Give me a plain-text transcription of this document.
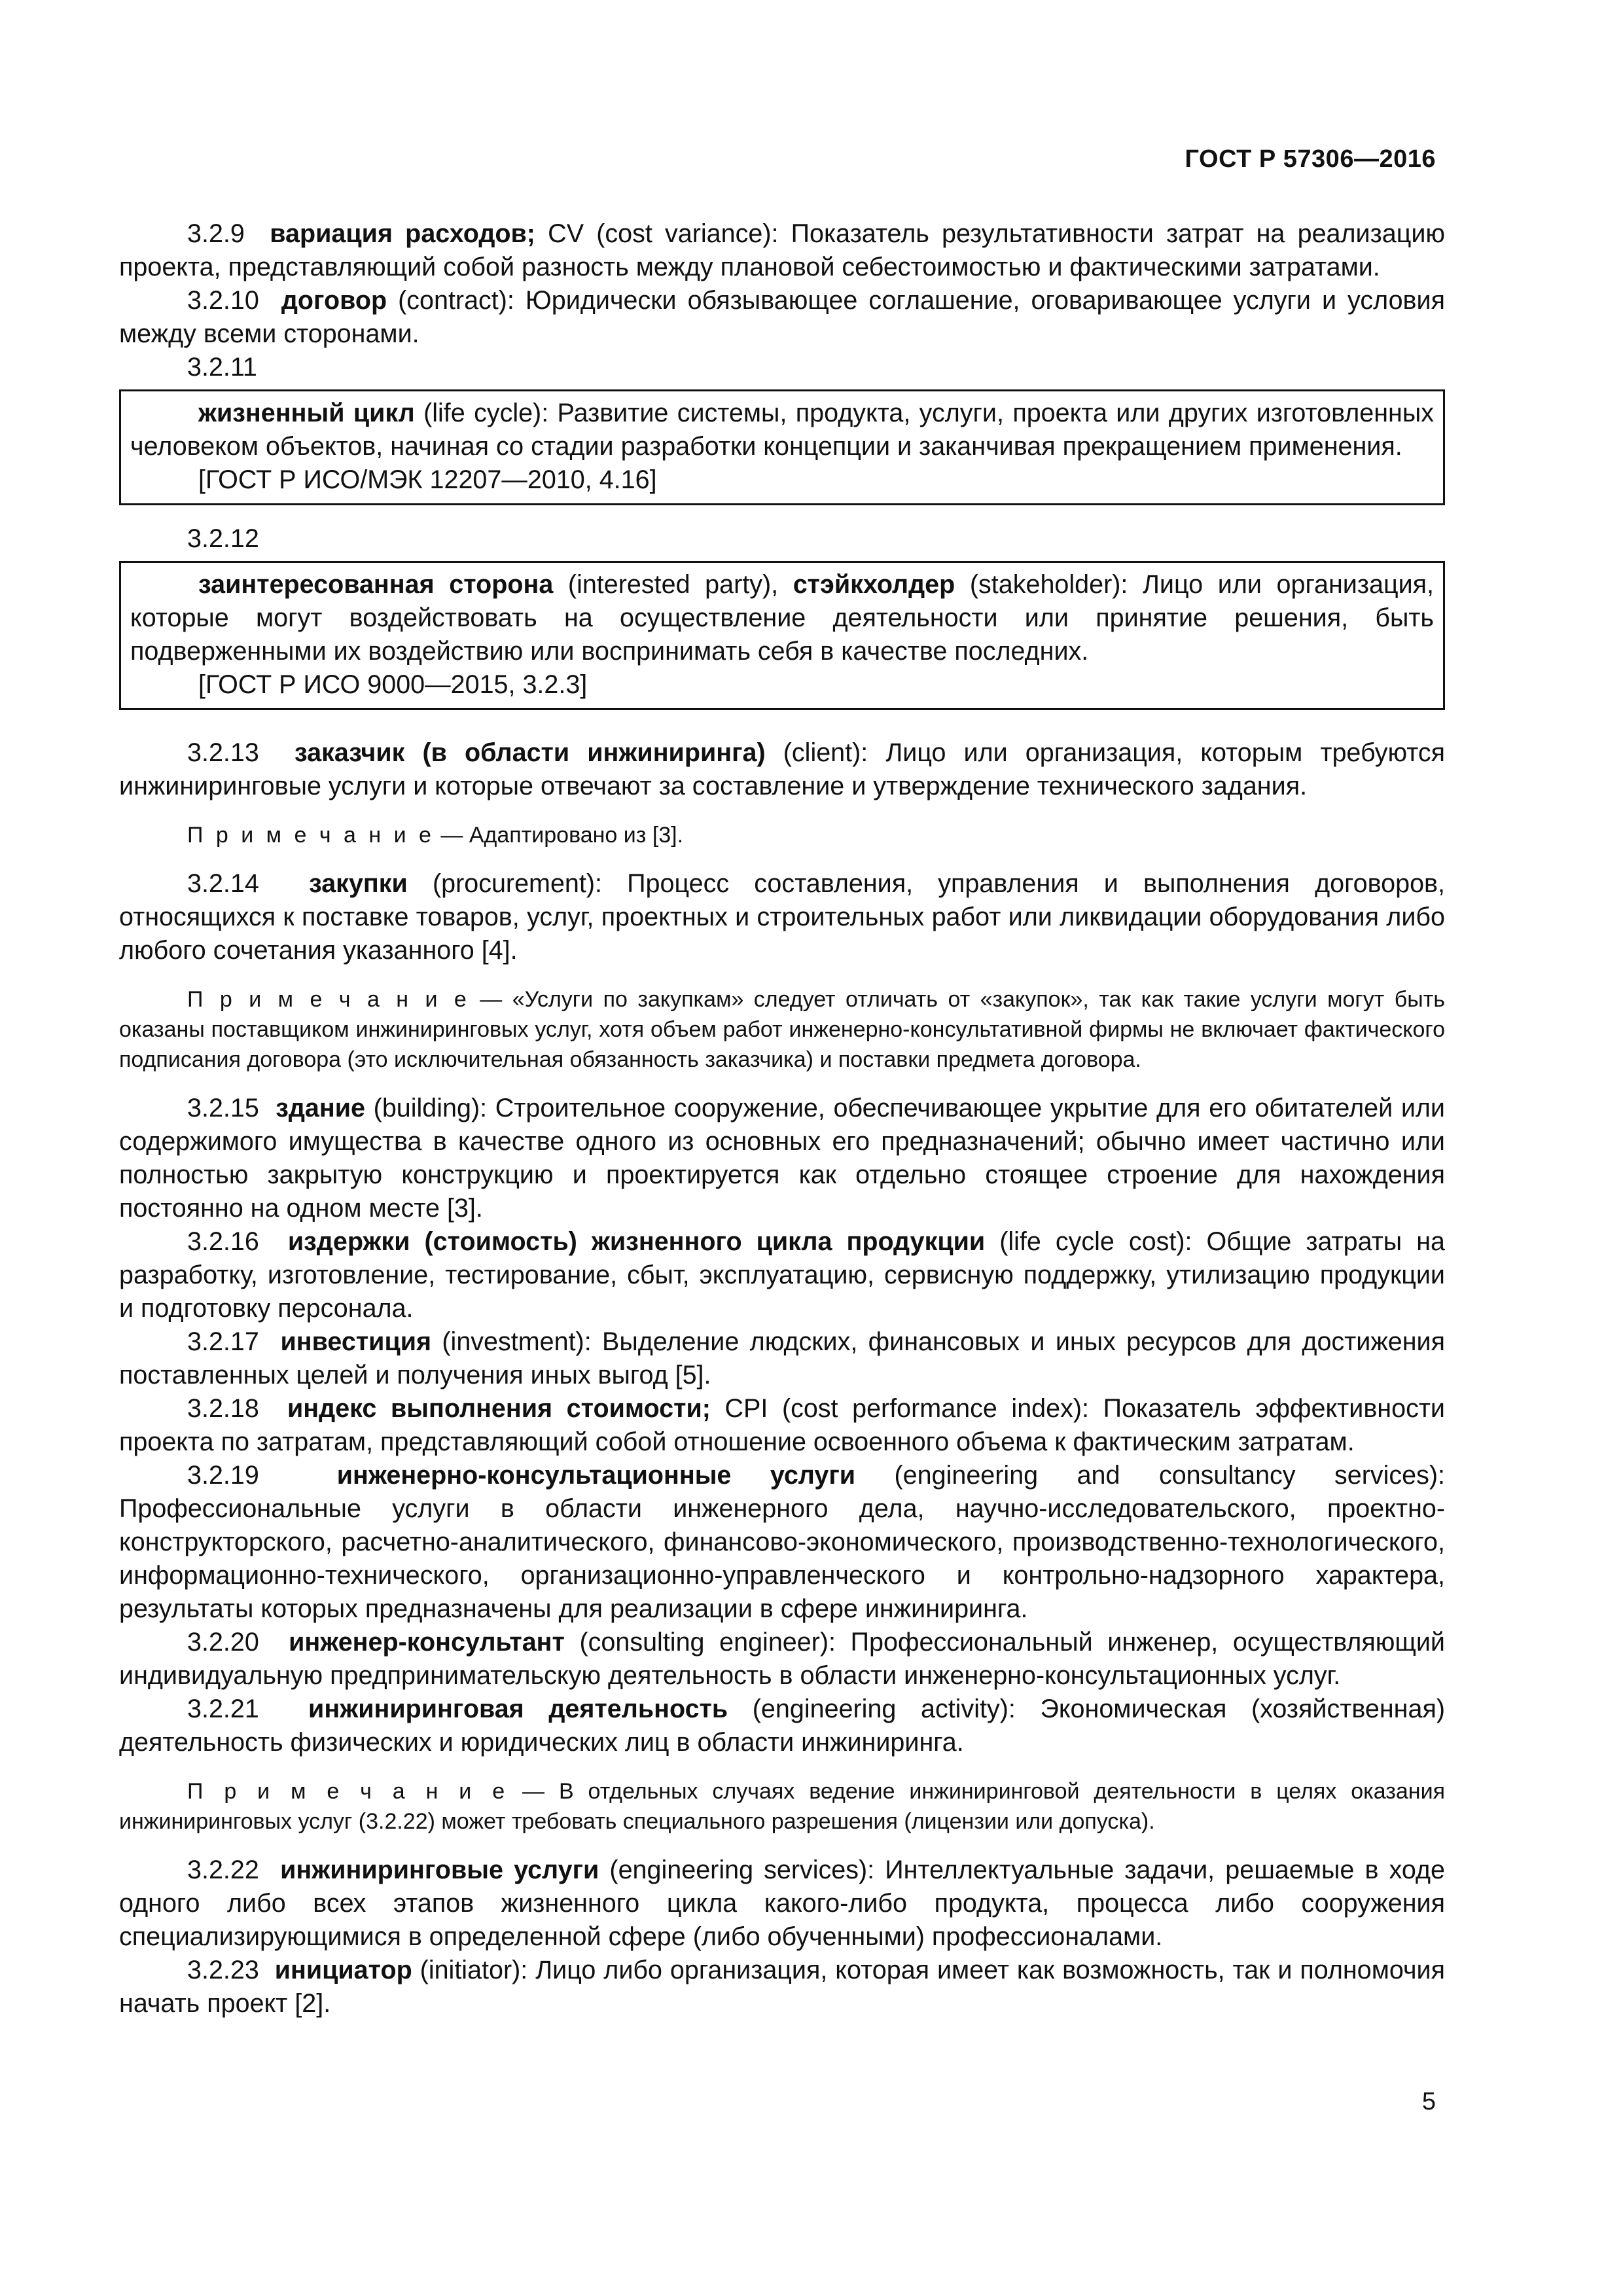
ГОСТ Р 57306—2016

3.2.9 вариация расходов; CV (cost variance): Показатель результативности затрат на реализацию проекта, представляющий собой разность между плановой себестоимостью и фактическими затратами.

3.2.10 договор (contract): Юридически обязывающее соглашение, оговаривающее услуги и условия между всеми сторонами.

3.2.11

жизненный цикл (life cycle): Развитие системы, продукта, услуги, проекта или других изготовленных человеком объектов, начиная со стадии разработки концепции и заканчивая прекращением применения.

[ГОСТ Р ИСО/МЭК 12207—2010, 4.16]

3.2.12

заинтересованная сторона (interested party), стэйкхолдер (stakeholder): Лицо или организация, которые могут воздействовать на осуществление деятельности или принятие решения, быть подверженными их воздействию или воспринимать себя в качестве последних.

[ГОСТ Р ИСО 9000—2015, 3.2.3]

3.2.13 заказчик (в области инжиниринга) (client): Лицо или организация, которым требуются инжиниринговые услуги и которые отвечают за составление и утверждение технического задания.

П р и м е ч а н и е — Адаптировано из [3].

3.2.14 закупки (procurement): Процесс составления, управления и выполнения договоров, относящихся к поставке товаров, услуг, проектных и строительных работ или ликвидации оборудования либо любого сочетания указанного [4].

П р и м е ч а н и е — «Услуги по закупкам» следует отличать от «закупок», так как такие услуги могут быть оказаны поставщиком инжиниринговых услуг, хотя объем работ инженерно-консультативной фирмы не включает фактического подписания договора (это исключительная обязанность заказчика) и поставки предмета договора.

3.2.15 здание (building): Строительное сооружение, обеспечивающее укрытие для его обитателей или содержимого имущества в качестве одного из основных его предназначений; обычно имеет частично или полностью закрытую конструкцию и проектируется как отдельно стоящее строение для нахождения постоянно на одном месте [3].

3.2.16 издержки (стоимость) жизненного цикла продукции (life cycle cost): Общие затраты на разработку, изготовление, тестирование, сбыт, эксплуатацию, сервисную поддержку, утилизацию продукции и подготовку персонала.

3.2.17 инвестиция (investment): Выделение людских, финансовых и иных ресурсов для достижения поставленных целей и получения иных выгод [5].

3.2.18 индекс выполнения стоимости; CPI (cost performance index): Показатель эффективности проекта по затратам, представляющий собой отношение освоенного объема к фактическим затратам.

3.2.19	инженерно-консультационные услуги (engineering and consultancy services): Профессиональные услуги в области инженерного дела, научно-исследовательского, проектно-конструкторского, расчетно-аналитического, финансово-экономического, производственно-технологического, информационно-технического, организационно-управленческого и контрольно-надзорного характера, результаты которых предназначены для реализации в сфере инжиниринга.

3.2.20 инженер-консультант (consulting engineer): Профессиональный инженер, осуществляющий индивидуальную предпринимательскую деятельность в области инженерно-консультационных услуг.

3.2.21 инжиниринговая деятельность (engineering activity): Экономическая (хозяйственная) деятельность физических и юридических лиц в области инжиниринга.

П р и м е ч а н и е — В отдельных случаях ведение инжиниринговой деятельности в целях оказания инжиниринговых услуг (3.2.22) может требовать специального разрешения (лицензии или допуска).

3.2.22 инжиниринговые услуги (engineering services): Интеллектуальные задачи, решаемые в ходе одного либо всех этапов жизненного цикла какого-либо продукта, процесса либо сооружения специализирующимися в определенной сфере (либо обученными) профессионалами.

3.2.23 инициатор (initiator): Лицо либо организация, которая имеет как возможность, так и полномочия начать проект [2].

5
